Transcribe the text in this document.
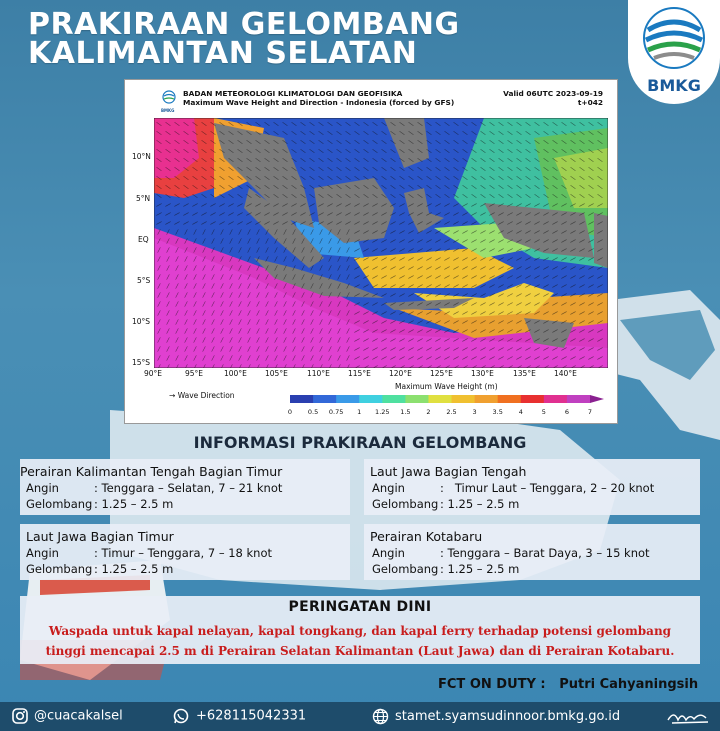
PRAKIRAAN GELOMBANG
KALIMANTAN SELATAN
BMKG
BMKG
BADAN METEOROLOGI KLIMATOLOGI DAN GEOFISIKA
Maximum Wave Height and Direction - Indonesia (forced by GFS)
Valid 06UTC 2023-09-19
t+042
10°N
5°N
EQ
5°S
10°S
15°S
90°E	95°E	100°E 105°E	110°E 115°E 120°E 125°E 130°E	135°E 140°E
→ Wave Direction
Maximum Wave Height (m)
0 0.5 0.75 1 1.25 1.5 2 2.5 3 3.5 4	5	6	7
INFORMASI PRAKIRAAN GELOMBANG
Perairan Kalimantan Tengah Bagian Timur
Angin	: Tenggara – Selatan, 7 – 21 knot
Gelombang : 1.25 – 2.5 m
Laut Jawa Bagian Tengah
Angin	: Timur Laut – Tenggara, 2 – 20 knot
Gelombang : 1.25 – 2.5 m
Laut Jawa Bagian Timur
Angin	: Timur – Tenggara, 7 – 18 knot
Gelombang : 1.25 – 2.5 m
Perairan Kotabaru
Angin	: Tenggara – Barat Daya, 3 – 15 knot
Gelombang : 1.25 – 2.5 m
PERINGATAN DINI
Waspada untuk kapal nelayan, kapal tongkang, dan kapal ferry terhadap potensi gelombang
tinggi mencapai 2.5 m di Perairan Selatan Kalimantan (Laut Jawa) dan di Perairan Kotabaru.
FCT ON DUTY : Putri Cahyaningsih
@cuacakalsel	+628115042331	stamet.syamsudinnoor.bmkg.go.id
